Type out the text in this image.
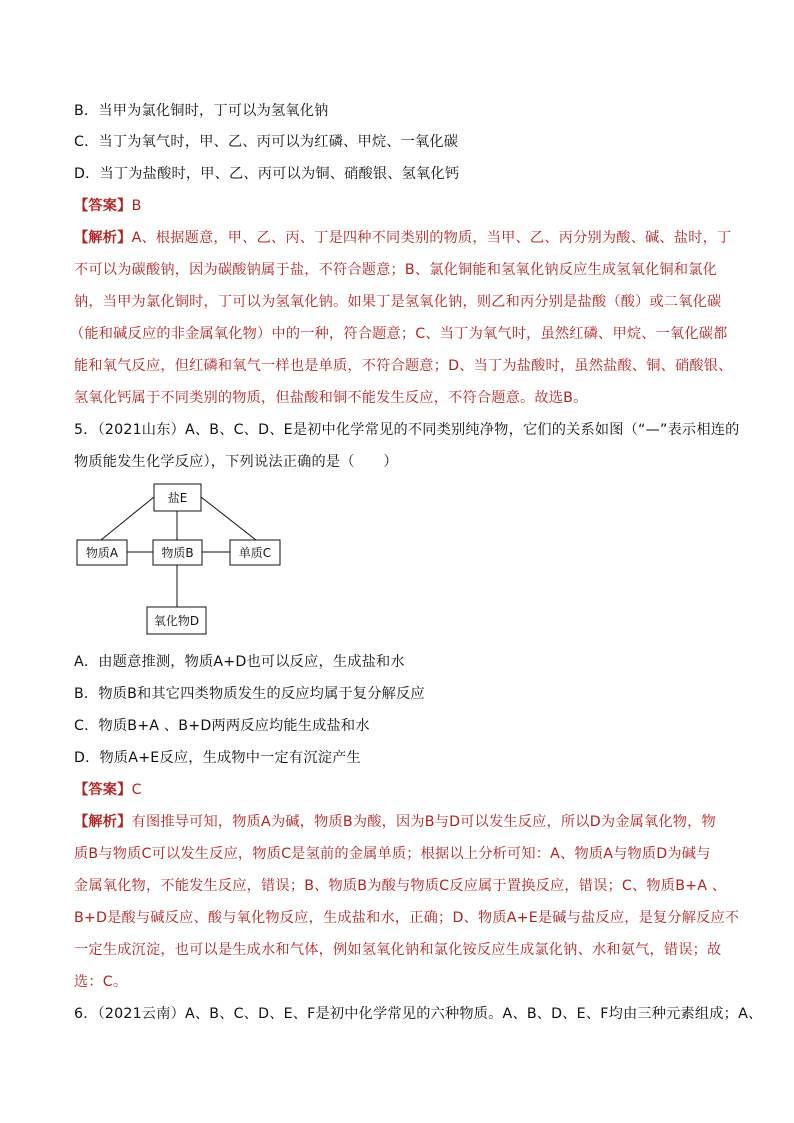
B．当甲为氯化铜时，丁可以为氢氧化钠
C．当丁为氧气时，甲、乙、丙可以为红磷、甲烷、一氧化碳
D．当丁为盐酸时，甲、乙、丙可以为铜、硝酸银、氢氧化钙
【答案】B
【解析】A、根据题意，甲、乙、丙、丁是四种不同类别的物质，当甲、乙、丙分别为酸、碱、盐时，丁
不可以为碳酸钠，因为碳酸钠属于盐，不符合题意；B、氯化铜能和氢氧化钠反应生成氢氧化铜和氯化
钠，当甲为氯化铜时，丁可以为氢氧化钠。如果丁是氢氧化钠，则乙和丙分别是盐酸（酸）或二氧化碳
（能和碱反应的非金属氧化物）中的一种，符合题意；C、当丁为氧气时，虽然红磷、甲烷、一氧化碳都
能和氧气反应，但红磷和氧气一样也是单质，不符合题意；D、当丁为盐酸时，虽然盐酸、铜、硝酸银、
氢氧化钙属于不同类别的物质，但盐酸和铜不能发生反应，不符合题意。故选B。
5．（2021山东）A、B、C、D、E是初中化学常见的不同类别纯净物，它们的关系如图（“—”表示相连的
物质能发生化学反应），下列说法正确的是（　　）
盐E
物质A	物质B	单质C
氧化物D
A．由题意推测，物质A+D也可以反应，生成盐和水
B．物质B和其它四类物质发生的反应均属于复分解反应
C．物质B+A 、B+D两两反应均能生成盐和水
D．物质A+E反应，生成物中一定有沉淀产生
【答案】C
【解析】有图推导可知，物质A为碱，物质B为酸，因为B与D可以发生反应，所以D为金属氧化物，物
质B与物质C可以发生反应，物质C是氢前的金属单质；根据以上分析可知：A、物质A与物质D为碱与
金属氧化物，不能发生反应，错误；B、物质B为酸与物质C反应属于置换反应，错误；C、物质B+A 、
B+D是酸与碱反应、酸与氧化物反应，生成盐和水，正确；D、物质A+E是碱与盐反应，是复分解反应不
一定生成沉淀，也可以是生成水和气体，例如氢氧化钠和氯化铵反应生成氯化钠、水和氨气，错误；故
选：C。
6．（2021云南）A、B、C、D、E、F是初中化学常见的六种物质。A、B、D、E、F均由三种元素组成；A、
